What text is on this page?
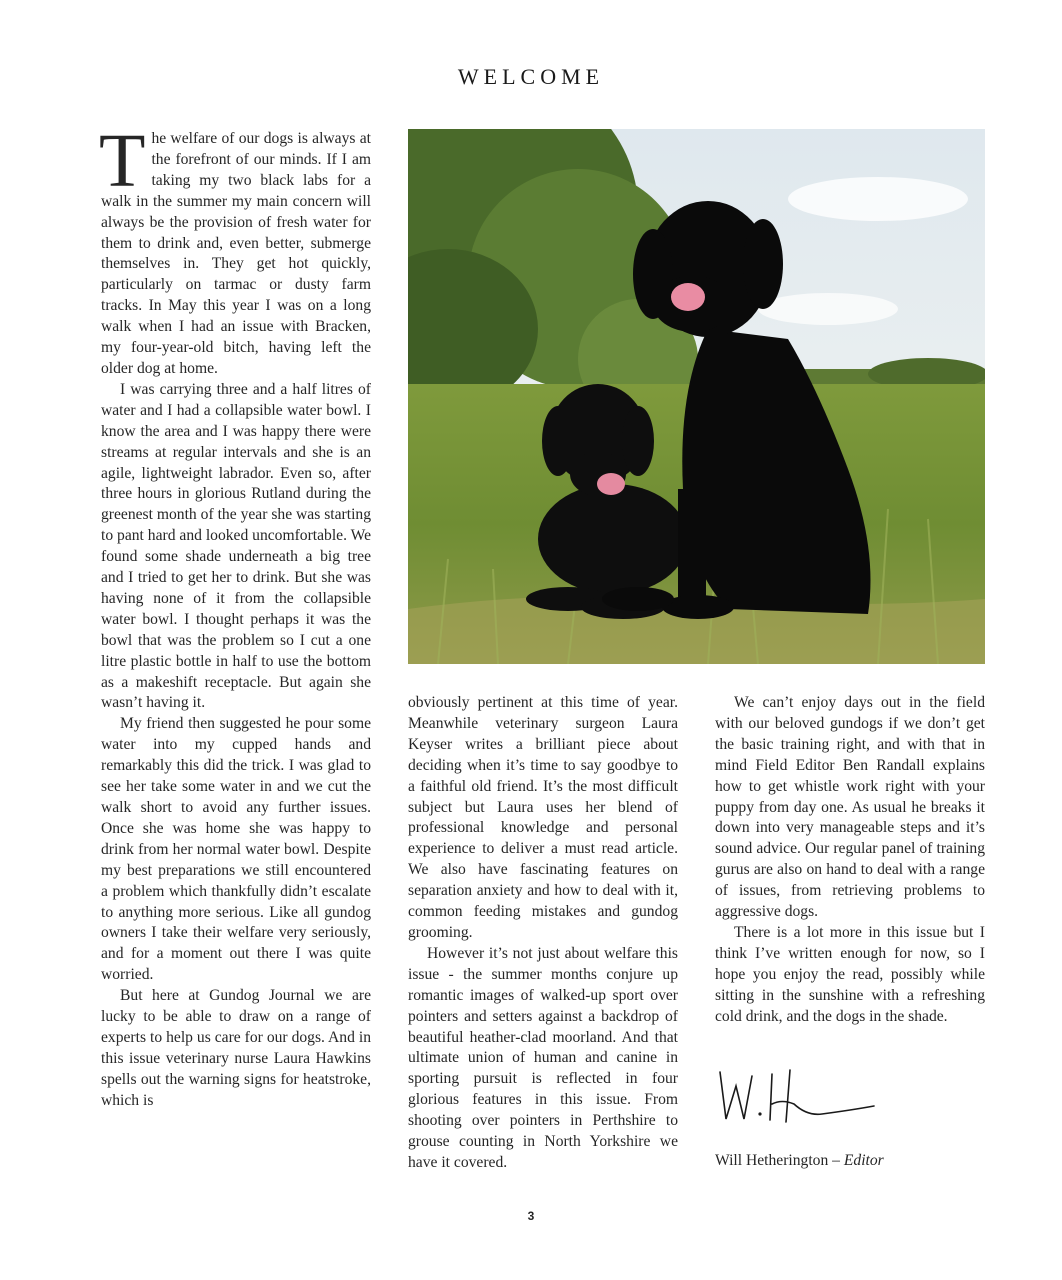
WELCOME

The welfare of our dogs is always at the forefront of our minds. If I am taking my two black labs for a walk in the summer my main concern will always be the provision of fresh water for them to drink and, even better, submerge themselves in. They get hot quickly, particularly on tarmac or dusty farm tracks. In May this year I was on a long walk when I had an issue with Bracken, my four-year-old bitch, having left the older dog at home.

I was carrying three and a half litres of water and I had a collapsible water bowl. I know the area and I was happy there were streams at regular intervals and she is an agile, lightweight labrador. Even so, after three hours in glorious Rutland during the greenest month of the year she was starting to pant hard and looked uncomfortable. We found some shade underneath a big tree and I tried to get her to drink. But she was having none of it from the collapsible water bowl. I thought perhaps it was the bowl that was the problem so I cut a one litre plastic bottle in half to use the bottom as a makeshift receptacle. But again she wasn’t having it.

My friend then suggested he pour some water into my cupped hands and remarkably this did the trick. I was glad to see her take some water in and we cut the walk short to avoid any further issues. Once she was home she was happy to drink from her normal water bowl. Despite my best preparations we still encountered a problem which thankfully didn’t escalate to anything more serious. Like all gundog owners I take their welfare very seriously, and for a moment out there I was quite worried.

But here at Gundog Journal we are lucky to be able to draw on a range of experts to help us care for our dogs. And in this issue veterinary nurse Laura Hawkins spells out the warning signs for heatstroke, which is

obviously pertinent at this time of year. Meanwhile veterinary surgeon Laura Keyser writes a brilliant piece about deciding when it’s time to say goodbye to a faithful old friend. It’s the most difficult subject but Laura uses her blend of professional knowledge and personal experience to deliver a must read article. We also have fascinating features on separation anxiety and how to deal with it, common feeding mistakes and gundog grooming.

However it’s not just about welfare this issue - the summer months conjure up romantic images of walked-up sport over pointers and setters against a backdrop of beautiful heather-clad moorland. And that ultimate union of human and canine in sporting pursuit is reflected in four glorious features in this issue. From shooting over pointers in Perthshire to grouse counting in North Yorkshire we have it covered.

We can’t enjoy days out in the field with our beloved gundogs if we don’t get the basic training right, and with that in mind Field Editor Ben Randall explains how to get whistle work right with your puppy from day one. As usual he breaks it down into very manageable steps and it’s sound advice. Our regular panel of training gurus are also on hand to deal with a range of issues, from retrieving problems to aggressive dogs.

There is a lot more in this issue but I think I’ve written enough for now, so I hope you enjoy the read, possibly while sitting in the sunshine with a refreshing cold drink, and the dogs in the shade.

Will Hetherington – Editor
3
